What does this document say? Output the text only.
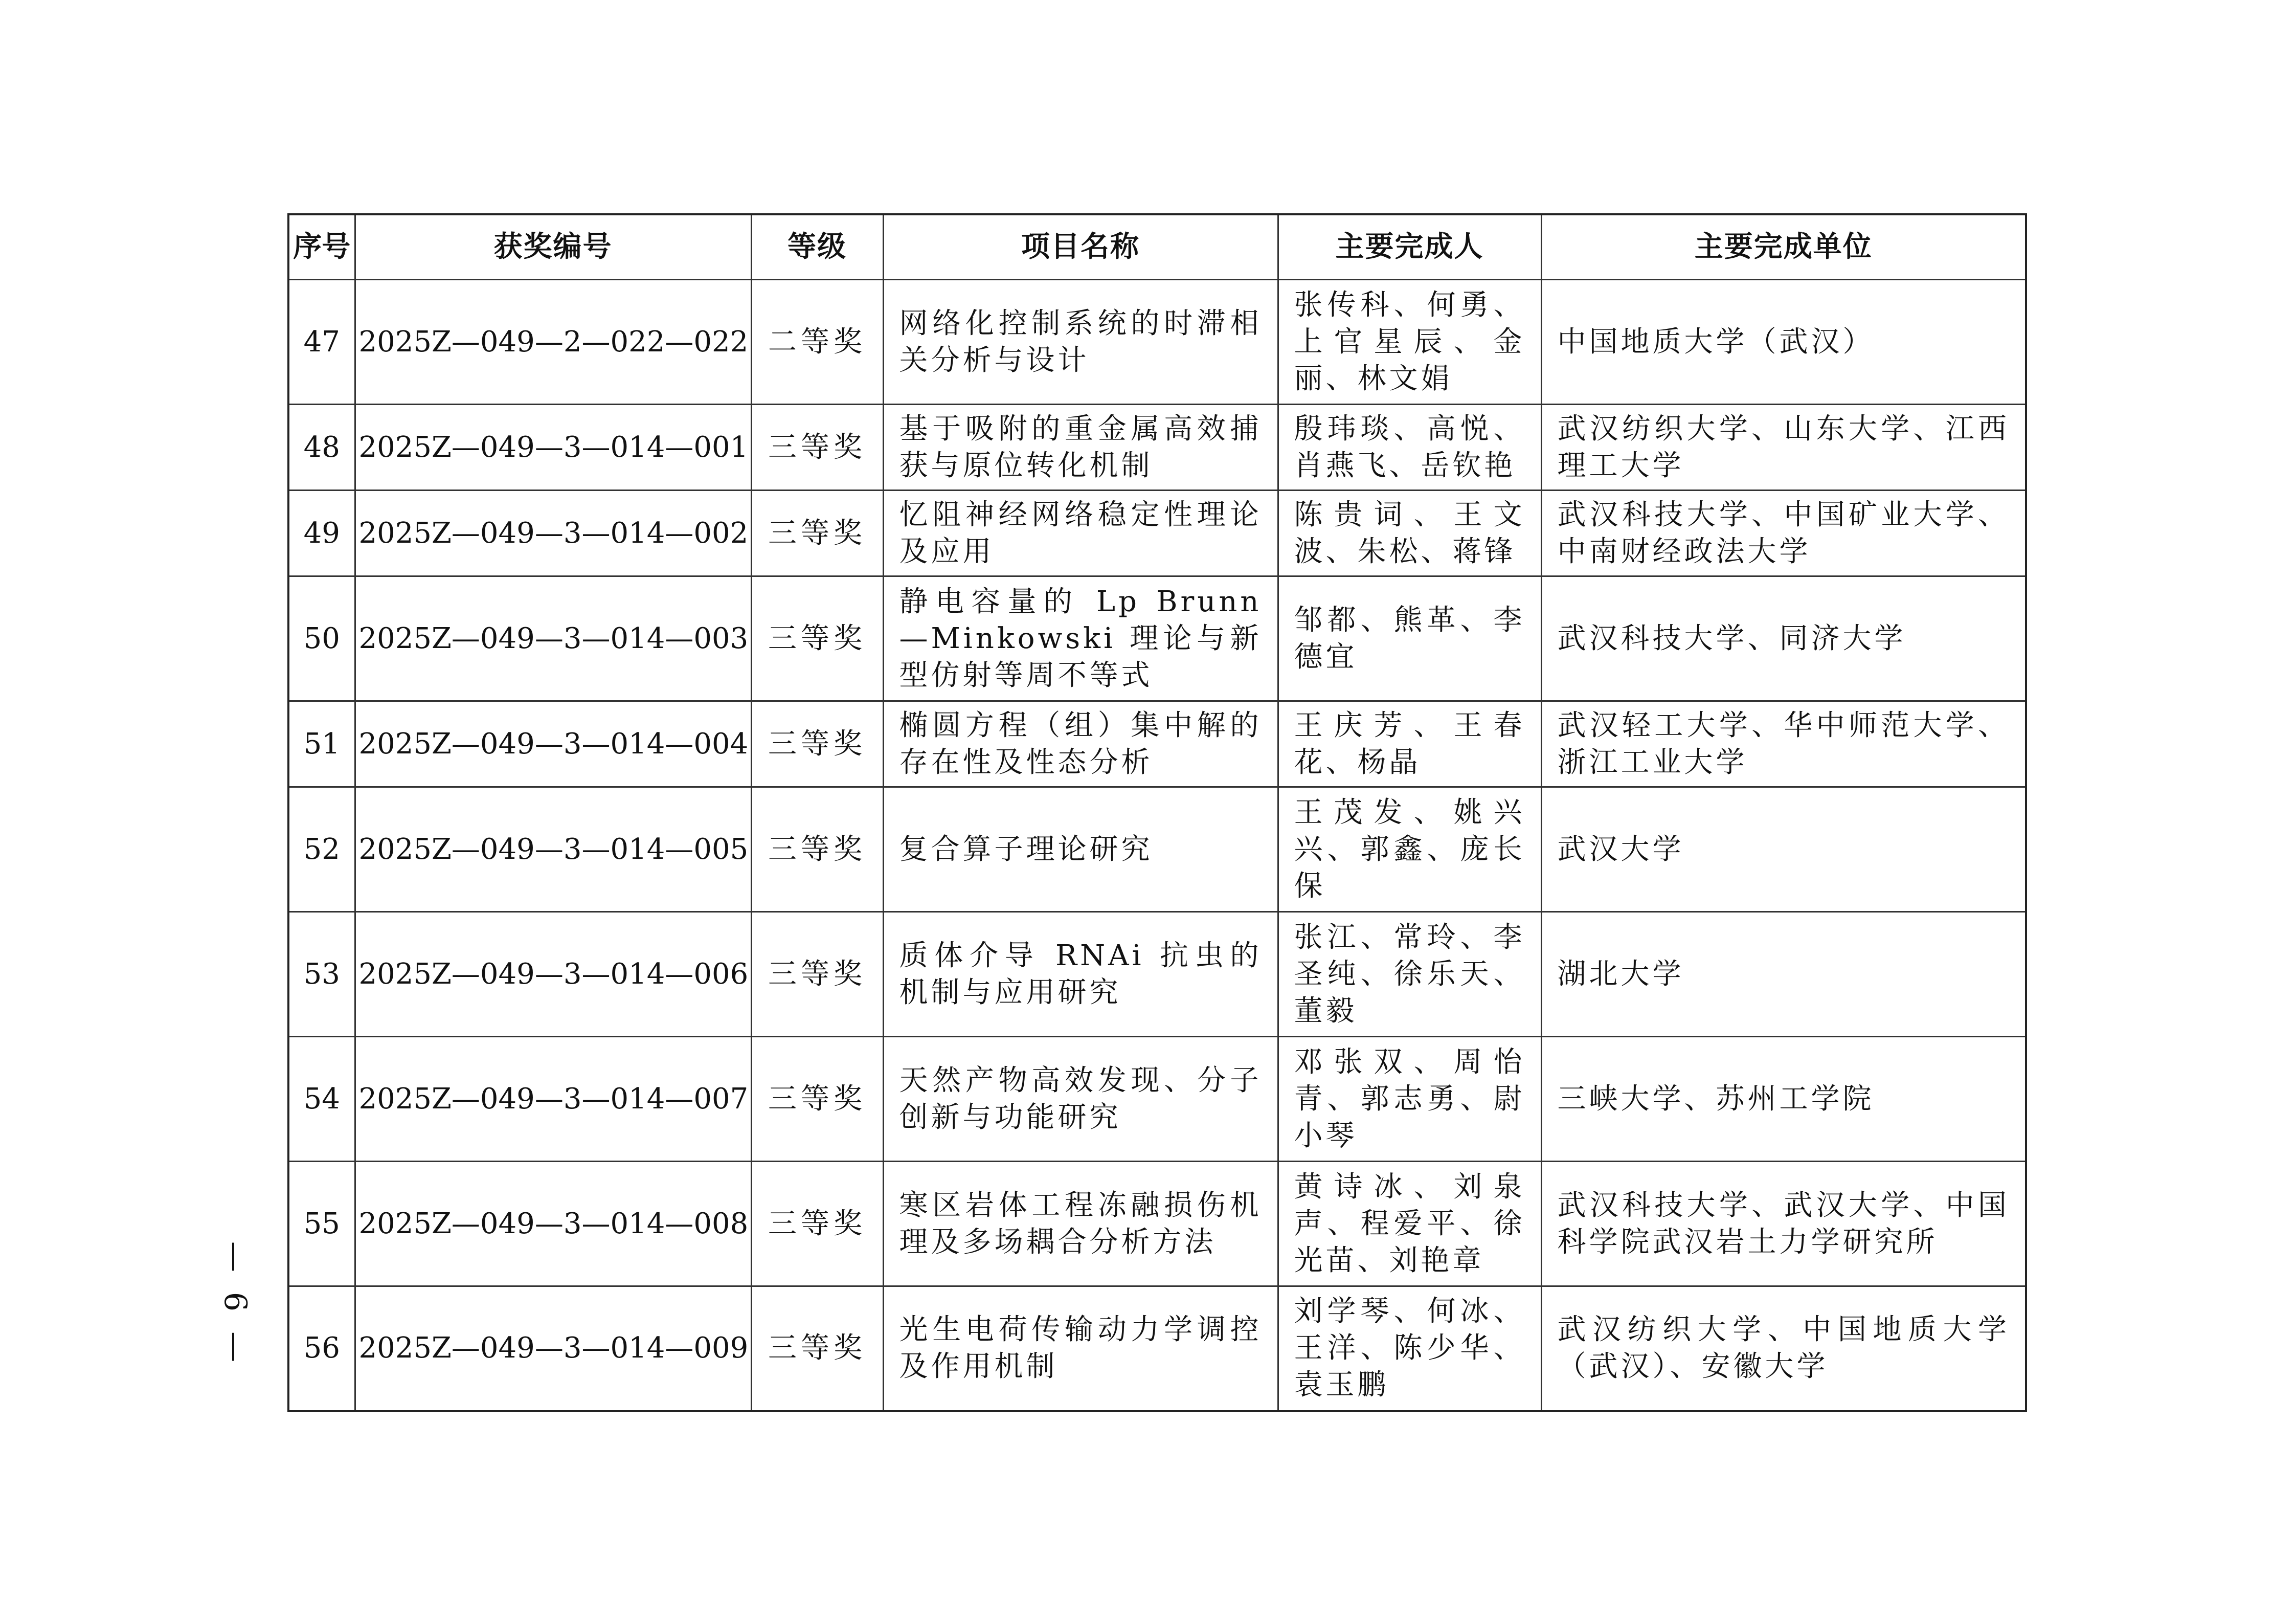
序号	获奖编号	等级	项目名称	主要完成人	主要完成单位
47	2025Z—049—2—022—022	二等奖	网络化控制系统的时滞相关分析与设计	张传科、何勇、上官星辰、金丽、林文娟	中国地质大学（武汉）
48	2025Z—049—3—014—001	三等奖	基于吸附的重金属高效捕获与原位转化机制	殷玮琰、高悦、肖燕飞、岳钦艳	武汉纺织大学、山东大学、江西理工大学
49	2025Z—049—3—014—002	三等奖	忆阻神经网络稳定性理论及应用	陈贵词、王文波、朱松、蒋锋	武汉科技大学、中国矿业大学、中南财经政法大学
50	2025Z—049—3—014—003	三等奖	静电容量的 Lp Brunn—Minkowski 理论与新型仿射等周不等式	邹都、熊革、李德宜	武汉科技大学、同济大学
51	2025Z—049—3—014—004	三等奖	椭圆方程（组）集中解的存在性及性态分析	王庆芳、王春花、杨晶	武汉轻工大学、华中师范大学、浙江工业大学
52	2025Z—049—3—014—005	三等奖	复合算子理论研究	王茂发、姚兴兴、郭鑫、庞长保	武汉大学
53	2025Z—049—3—014—006	三等奖	质体介导 RNAi 抗虫的机制与应用研究	张江、常玲、李圣纯、徐乐天、董毅	湖北大学
54	2025Z—049—3—014—007	三等奖	天然产物高效发现、分子创新与功能研究	邓张双、周怡青、郭志勇、尉小琴	三峡大学、苏州工学院
55	2025Z—049—3—014—008	三等奖	寒区岩体工程冻融损伤机理及多场耦合分析方法	黄诗冰、刘泉声、程爱平、徐光苗、刘艳章	武汉科技大学、武汉大学、中国科学院武汉岩土力学研究所
56	2025Z—049—3—014—009	三等奖	光生电荷传输动力学调控及作用机制	刘学琴、何冰、王洋、陈少华、袁玉鹏	武汉纺织大学、中国地质大学（武汉）、安徽大学
— 6 —
